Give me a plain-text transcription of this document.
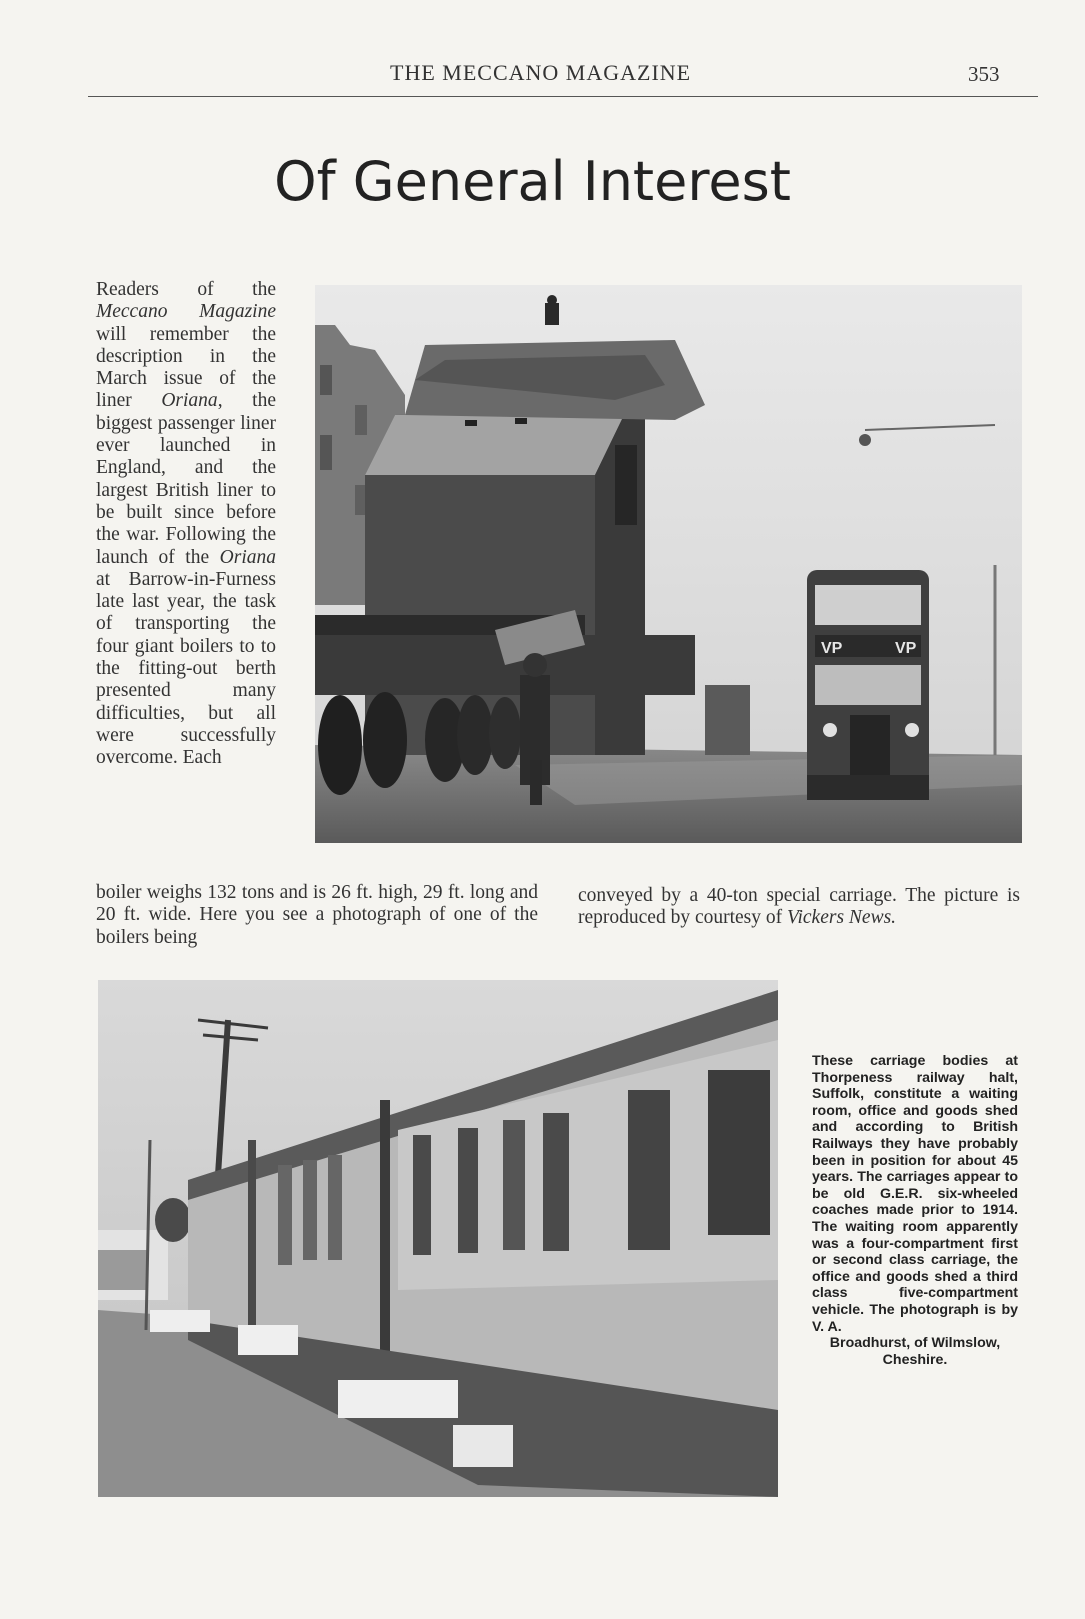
THE MECCANO MAGAZINE	353
Of General Interest
Readers of the Meccano Magazine will remember the description in the March issue of the liner Oriana, the biggest passenger liner ever launched in England, and the largest British liner to be built since before the war. Following the launch of the Oriana at Barrow-in-Furness late last year, the task of transporting the four giant boilers to to the fitting-out berth presented many difficulties, but all were successfully overcome. Each
VP	VP
boiler weighs 132 tons and is 26 ft. high, 29 ft. long and 20 ft. wide. Here you see a photograph of one of the boilers being
conveyed by a 40-ton special carriage. The picture is reproduced by courtesy of Vickers News.
These carriage bodies at Thorpeness railway halt, Suffolk, constitute a waiting room, office and goods shed and according to British Railways they have probably been in position for about 45 years. The carriages appear to be old G.E.R. six-wheeled coaches made prior to 1914. The waiting room apparently was a four-compartment first or second class carriage, the office and goods shed a third class five-compartment vehicle. The photograph is by V. A.
Broadhurst, of Wilmslow, Cheshire.
